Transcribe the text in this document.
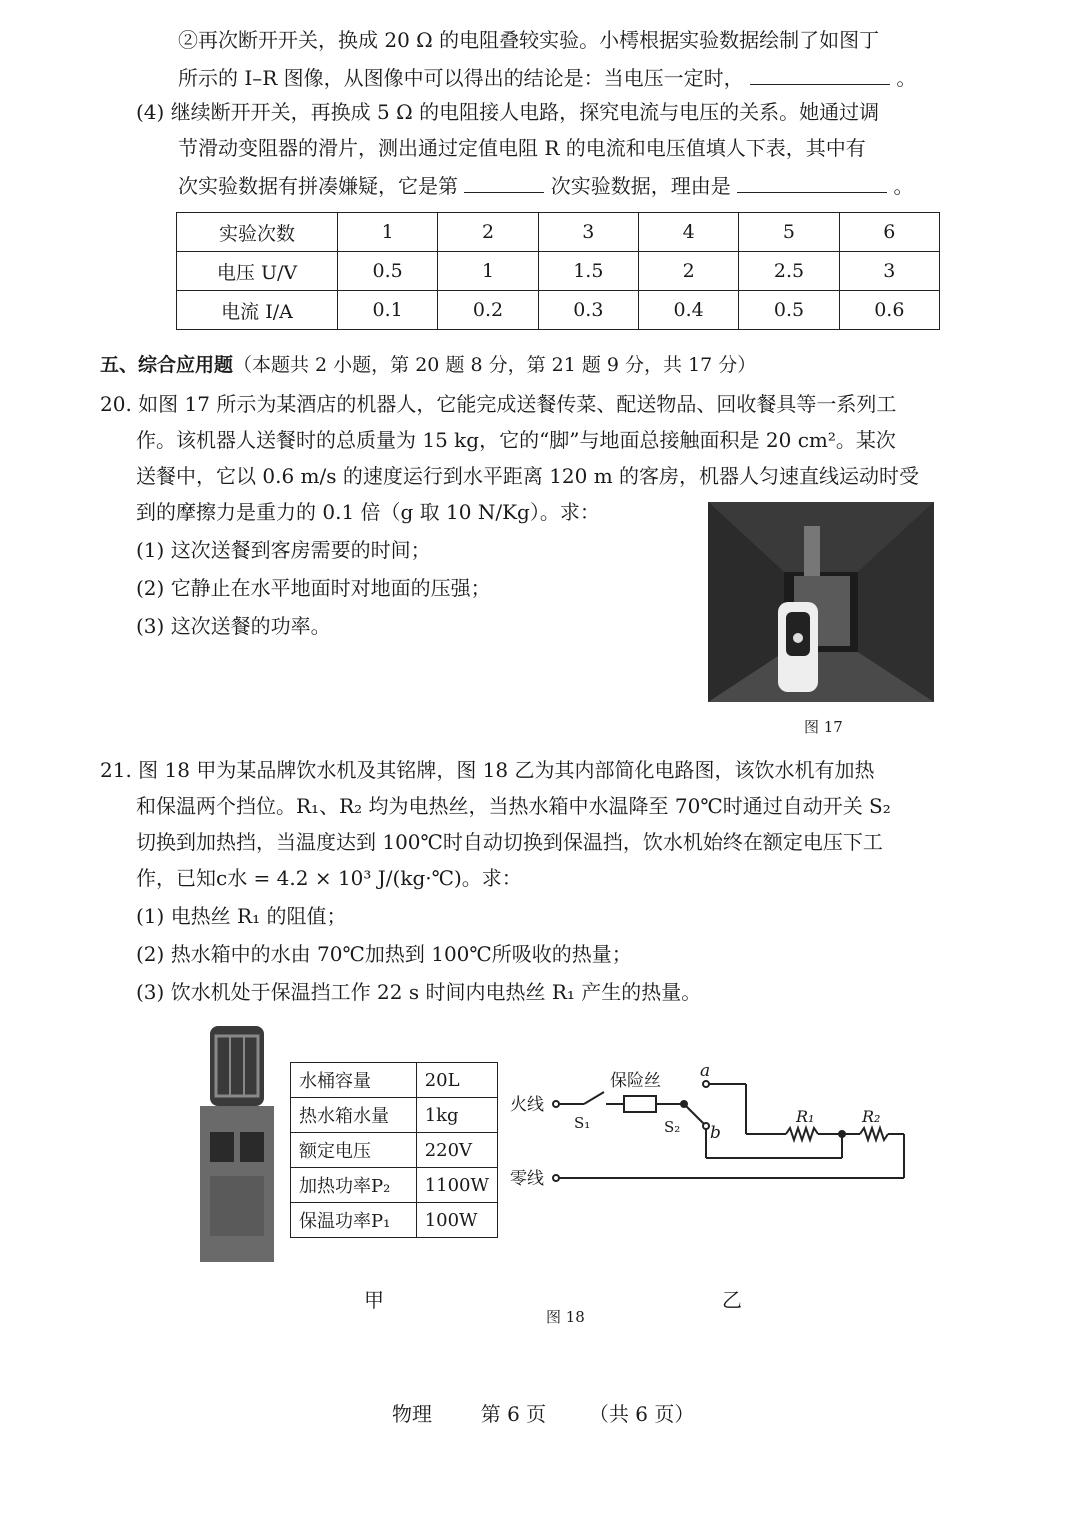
②再次断开开关，换成 20 Ω 的电阻叠较实验。小樗根据实验数据绘制了如图丁
所示的 I–R 图像，从图像中可以得出的结论是：当电压一定时，	。
(4) 继续断开开关，再换成 5 Ω 的电阻接人电路，探究电流与电压的关系。她通过调
节滑动变阻器的滑片，测出通过定值电阻 R 的电流和电压值填人下表，其中有
次实验数据有拼凑嫌疑，它是第	次实验数据，理由是	。
实验次数	1	2	3	4	5	6
电压 U/V	0.5	1	1.5	2	2.5	3
电流 I/A	0.1	0.2	0.3	0.4	0.5	0.6
五、综合应用题（本题共 2 小题，第 20 题 8 分，第 21 题 9 分，共 17 分）
20. 如图 17 所示为某酒店的机器人，它能完成送餐传菜、配送物品、回收餐具等一系列工
作。该机器人送餐时的总质量为 15 kg，它的“脚”与地面总接触面积是 20 cm²。某次
送餐中，它以 0.6 m/s 的速度运行到水平距离 120 m 的客房，机器人匀速直线运动时受
到的摩擦力是重力的 0.1 倍（g 取 10 N/Kg）。求：
(1) 这次送餐到客房需要的时间；
(2) 它静止在水平地面时对地面的压强；
(3) 这次送餐的功率。
图 17
21. 图 18 甲为某品牌饮水机及其铭牌，图 18 乙为其内部简化电路图，该饮水机有加热
和保温两个挡位。R₁、R₂ 均为电热丝，当热水箱中水温降至 70℃时通过自动开关 S₂
切换到加热挡，当温度达到 100℃时自动切换到保温挡，饮水机始终在额定电压下工
作，已知c水 = 4.2 × 10³ J/(kg·℃)。求：
(1) 电热丝 R₁ 的阻值；
(2) 热水箱中的水由 70℃加热到 100℃所吸收的热量；
(3) 饮水机处于保温挡工作 22 s 时间内电热丝 R₁ 产生的热量。
水桶容量	20L
热水箱水量	1kg
额定电压	220V
加热功率P₂	1100W
保温功率P₁	100W
火线
零线
保险丝
S₁	S₂
a
b
R₁	R₂
甲	乙
图 18
物理 第 6 页 （共 6 页）
